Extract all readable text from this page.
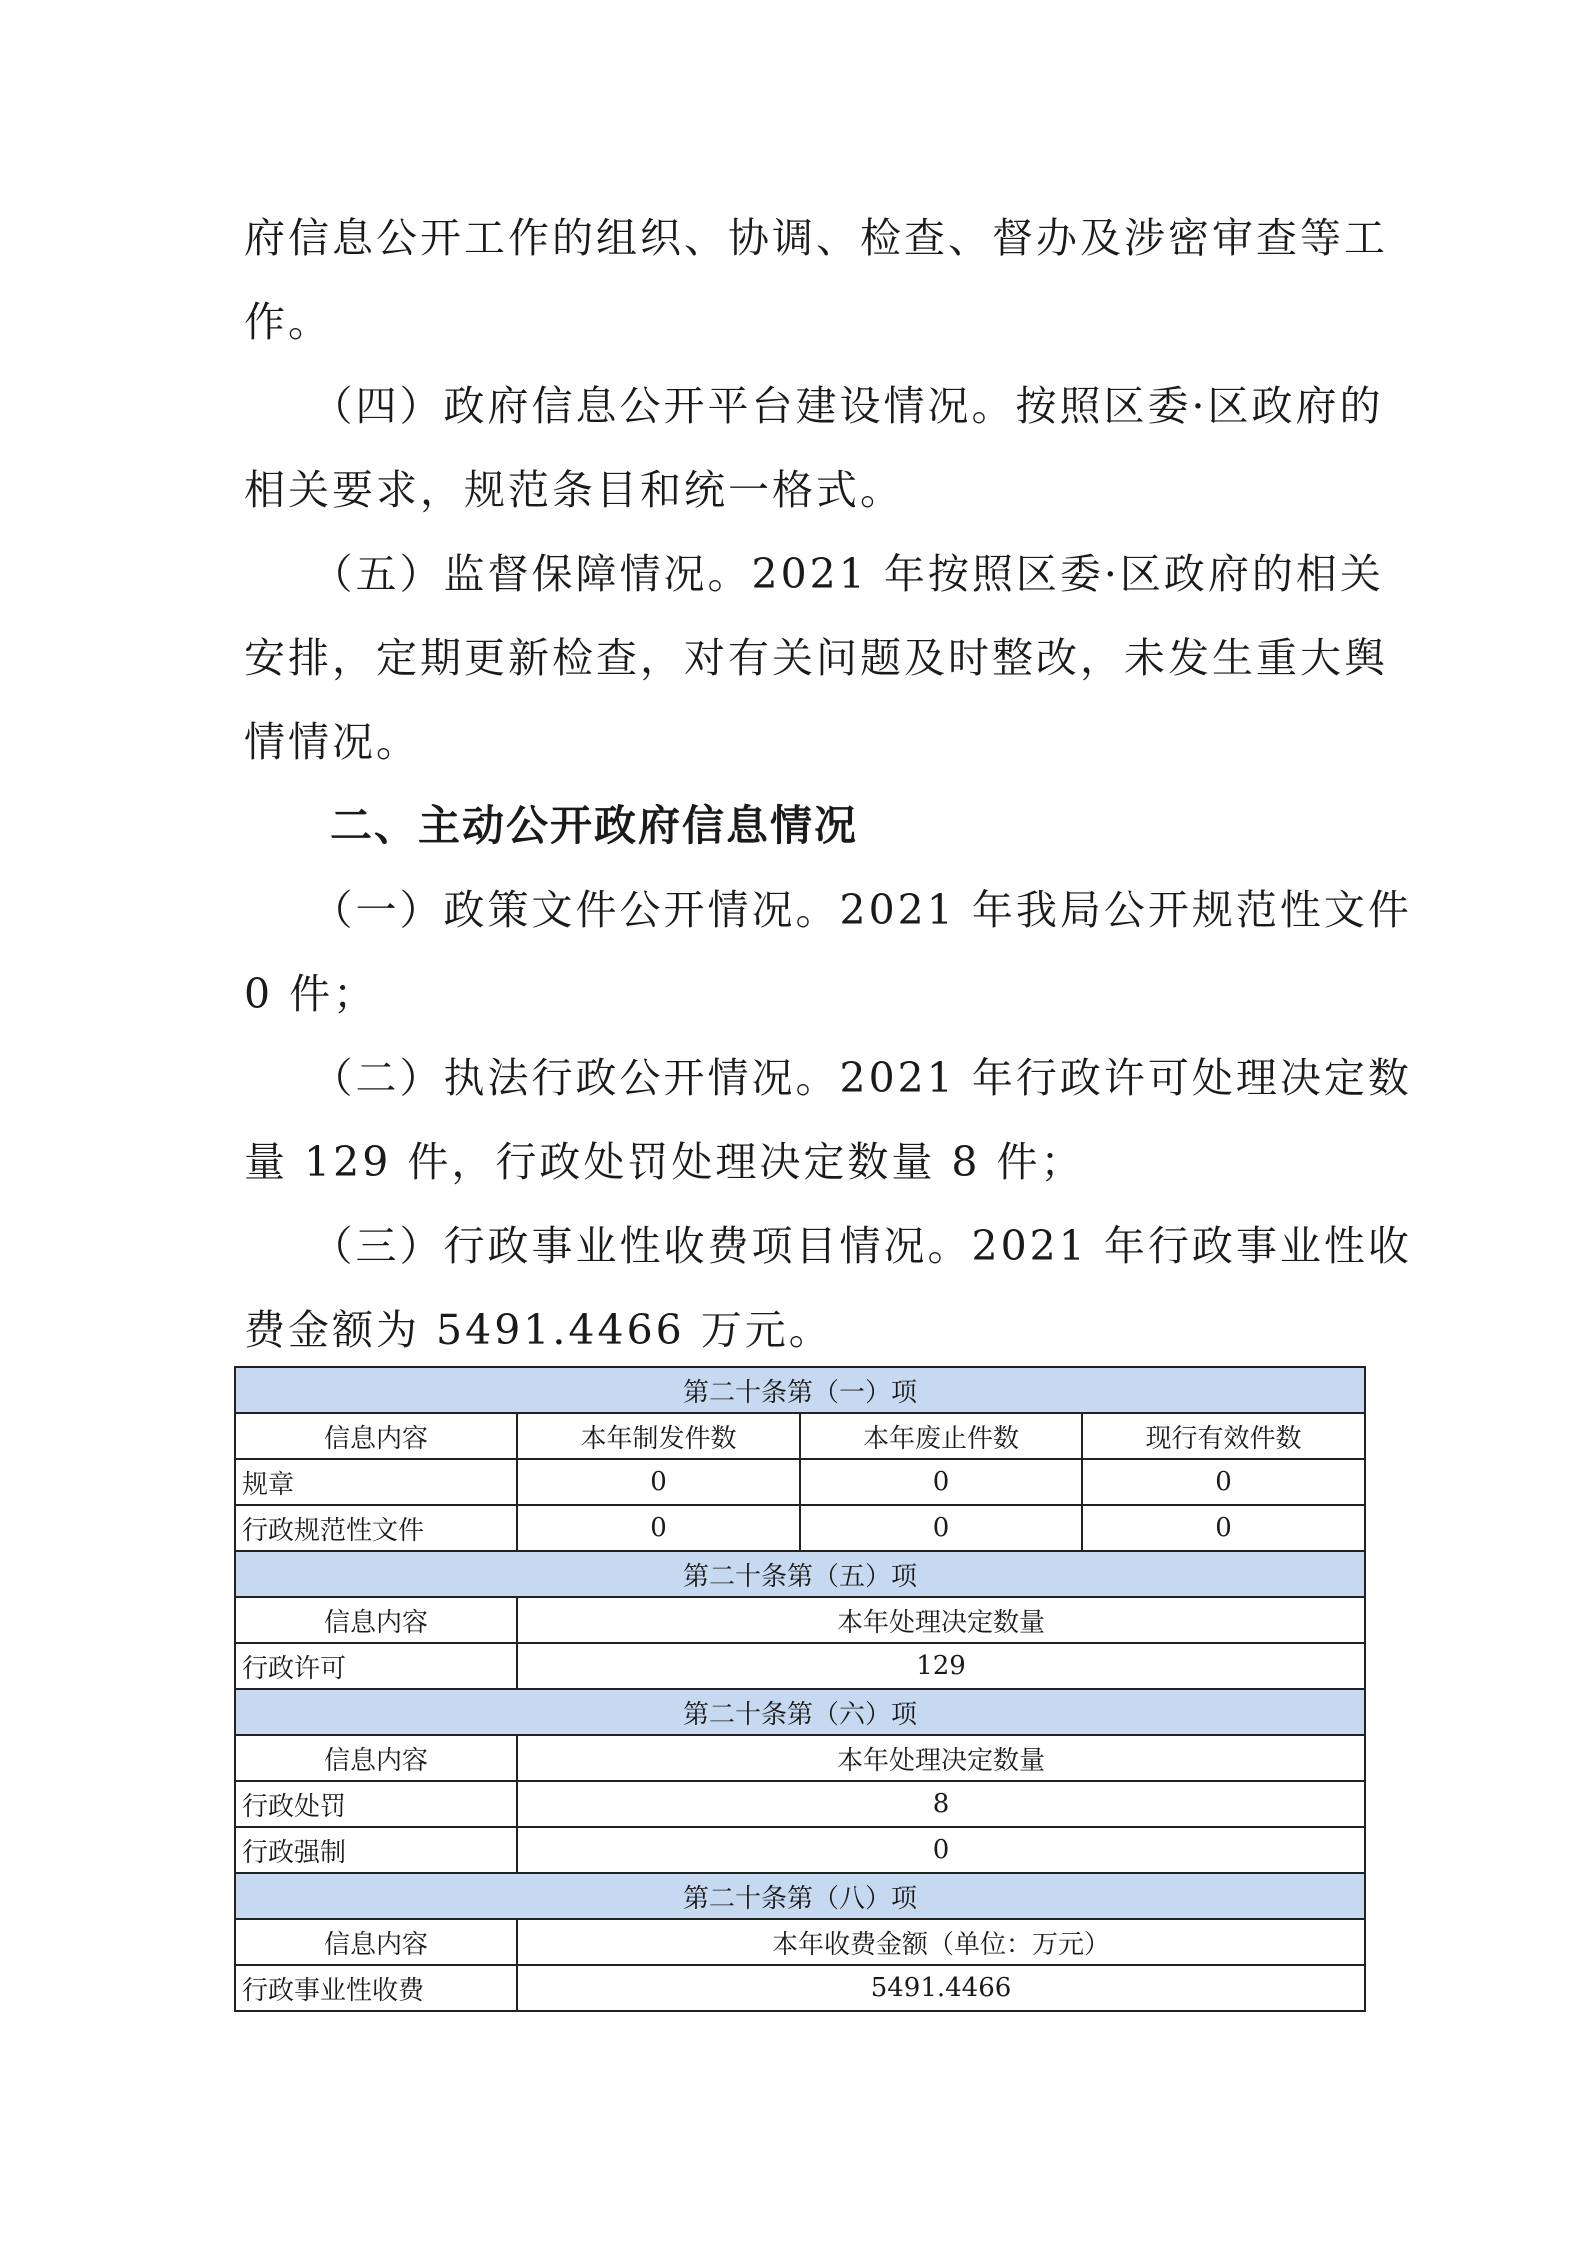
府信息公开工作的组织、协调、检查、督办及涉密审查等工
作。
　　（四）政府信息公开平台建设情况。按照区委·区政府的
相关要求，规范条目和统一格式。
　　（五）监督保障情况。2021 年按照区委·区政府的相关
安排，定期更新检查，对有关问题及时整改，未发生重大舆
情情况。
二、主动公开政府信息情况
　　（一）政策文件公开情况。2021 年我局公开规范性文件
0 件；
　　（二）执法行政公开情况。2021 年行政许可处理决定数
量 129 件，行政处罚处理决定数量 8 件；
　　（三）行政事业性收费项目情况。2021 年行政事业性收
费金额为 5491.4466 万元。
第二十条第（一）项			
信息内容	本年制发件数	本年废止件数	现行有效件数
规章	0	0	0
行政规范性文件	0	0	0
第二十条第（五）项			
信息内容	本年处理决定数量		
行政许可	129		
第二十条第（六）项			
信息内容	本年处理决定数量		
行政处罚	8		
行政强制	0		
第二十条第（八）项			
信息内容	本年收费金额（单位：万元）		
行政事业性收费	5491.4466		
